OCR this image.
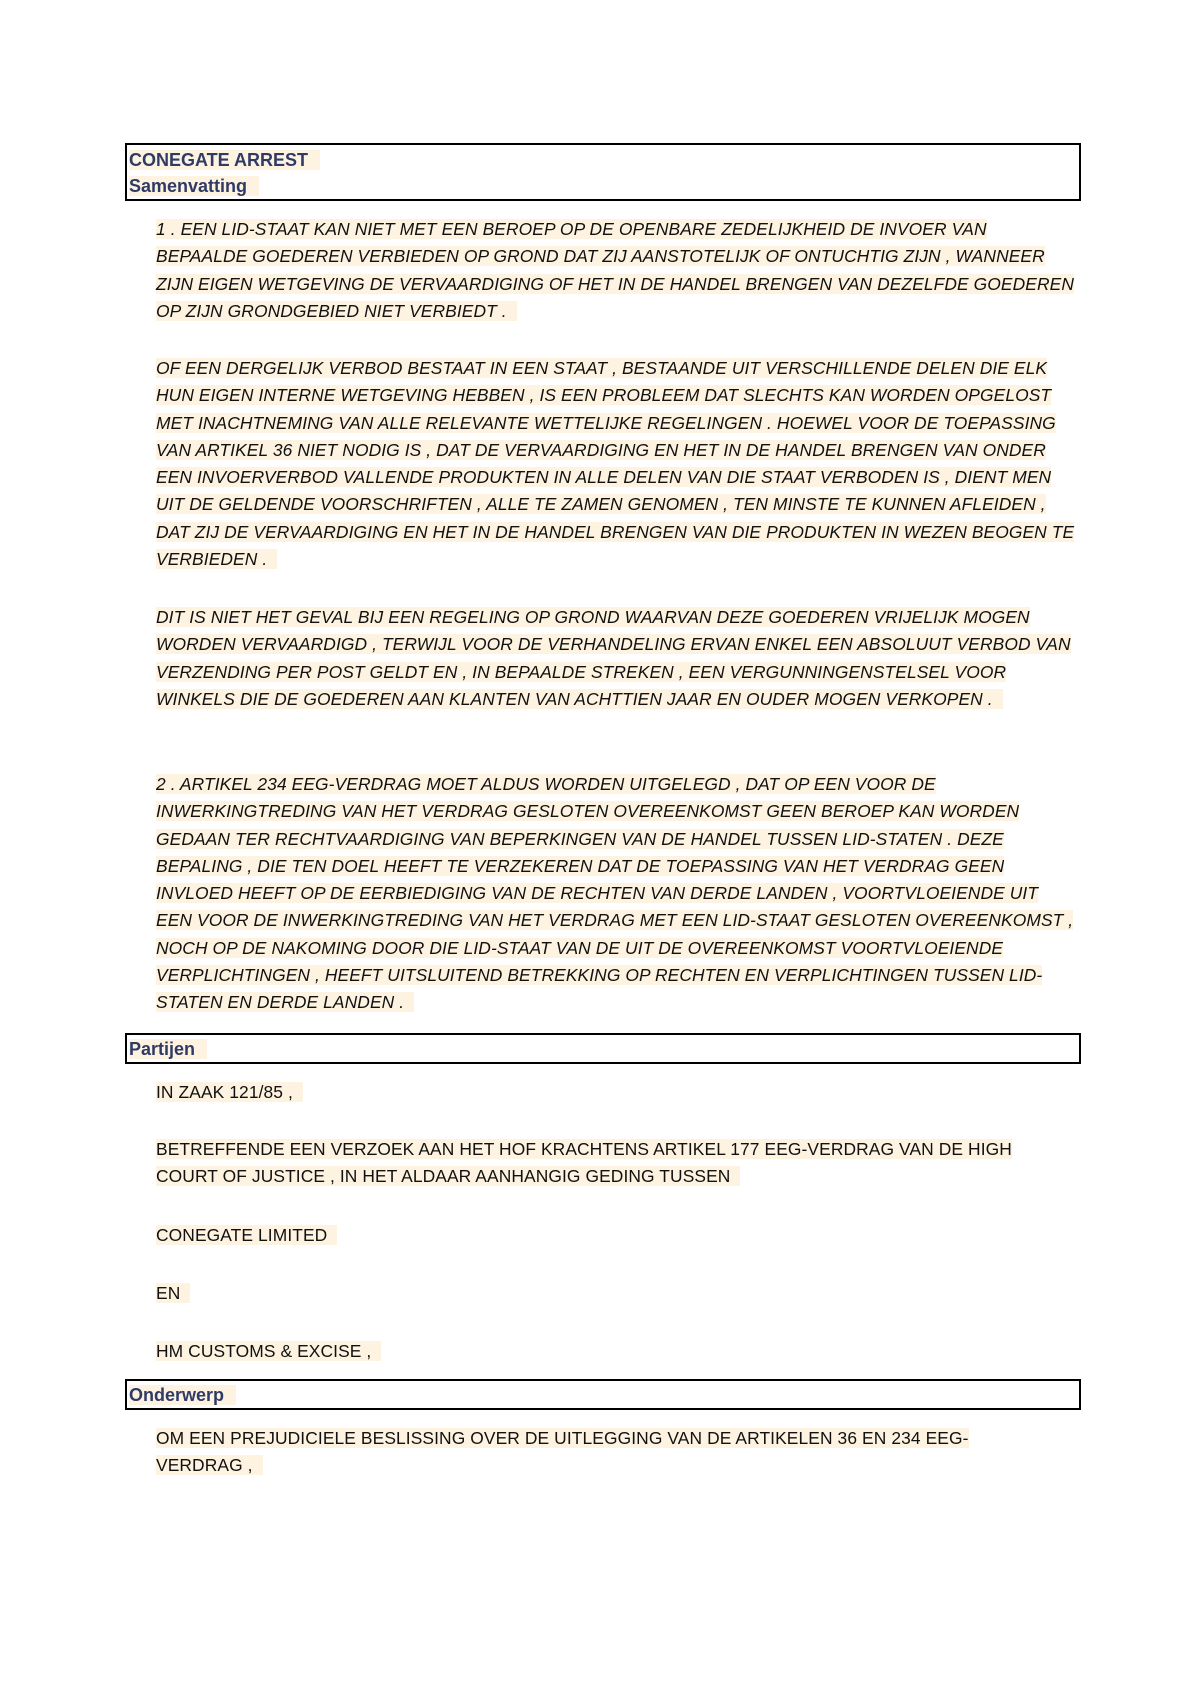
CONEGATE ARREST
Samenvatting
1 . EEN LID-STAAT KAN NIET MET EEN BEROEP OP DE OPENBARE ZEDELIJKHEID DE INVOER VAN BEPAALDE GOEDEREN VERBIEDEN OP GROND DAT ZIJ AANSTOTELIJK OF ONTUCHTIG ZIJN , WANNEER ZIJN EIGEN WETGEVING DE VERVAARDIGING OF HET IN DE HANDEL BRENGEN VAN DEZELFDE GOEDEREN OP ZIJN GRONDGEBIED NIET VERBIEDT .
OF EEN DERGELIJK VERBOD BESTAAT IN EEN STAAT , BESTAANDE UIT VERSCHILLENDE DELEN DIE ELK HUN EIGEN INTERNE WETGEVING HEBBEN , IS EEN PROBLEEM DAT SLECHTS KAN WORDEN OPGELOST MET INACHTNEMING VAN ALLE RELEVANTE WETTELIJKE REGELINGEN . HOEWEL VOOR DE TOEPASSING VAN ARTIKEL 36 NIET NODIG IS , DAT DE VERVAARDIGING EN HET IN DE HANDEL BRENGEN VAN ONDER EEN INVOERVERBOD VALLENDE PRODUKTEN IN ALLE DELEN VAN DIE STAAT VERBODEN IS , DIENT MEN UIT DE GELDENDE VOORSCHRIFTEN , ALLE TE ZAMEN GENOMEN , TEN MINSTE TE KUNNEN AFLEIDEN , DAT ZIJ DE VERVAARDIGING EN HET IN DE HANDEL BRENGEN VAN DIE PRODUKTEN IN WEZEN BEOGEN TE VERBIEDEN .
DIT IS NIET HET GEVAL BIJ EEN REGELING OP GROND WAARVAN DEZE GOEDEREN VRIJELIJK MOGEN WORDEN VERVAARDIGD , TERWIJL VOOR DE VERHANDELING ERVAN ENKEL EEN ABSOLUUT VERBOD VAN VERZENDING PER POST GELDT EN , IN BEPAALDE STREKEN , EEN VERGUNNINGENSTELSEL VOOR WINKELS DIE DE GOEDEREN AAN KLANTEN VAN ACHTTIEN JAAR EN OUDER MOGEN VERKOPEN .
2 . ARTIKEL 234 EEG-VERDRAG MOET ALDUS WORDEN UITGELEGD , DAT OP EEN VOOR DE INWERKINGTREDING VAN HET VERDRAG GESLOTEN OVEREENKOMST GEEN BEROEP KAN WORDEN GEDAAN TER RECHTVAARDIGING VAN BEPERKINGEN VAN DE HANDEL TUSSEN LID-STATEN . DEZE BEPALING , DIE TEN DOEL HEEFT TE VERZEKEREN DAT DE TOEPASSING VAN HET VERDRAG GEEN INVLOED HEEFT OP DE EERBIEDIGING VAN DE RECHTEN VAN DERDE LANDEN , VOORTVLOEIENDE UIT EEN VOOR DE INWERKINGTREDING VAN HET VERDRAG MET EEN LID-STAAT GESLOTEN OVEREENKOMST , NOCH OP DE NAKOMING DOOR DIE LID-STAAT VAN DE UIT DE OVEREENKOMST VOORTVLOEIENDE VERPLICHTINGEN , HEEFT UITSLUITEND BETREKKING OP RECHTEN EN VERPLICHTINGEN TUSSEN LID-STATEN EN DERDE LANDEN .
Partijen
IN ZAAK 121/85 ,
BETREFFENDE EEN VERZOEK AAN HET HOF KRACHTENS ARTIKEL 177 EEG-VERDRAG VAN DE HIGH COURT OF JUSTICE , IN HET ALDAAR AANHANGIG GEDING TUSSEN
CONEGATE LIMITED
EN
HM CUSTOMS & EXCISE ,
Onderwerp
OM EEN PREJUDICIELE BESLISSING OVER DE UITLEGGING VAN DE ARTIKELEN 36 EN 234 EEG-VERDRAG ,
